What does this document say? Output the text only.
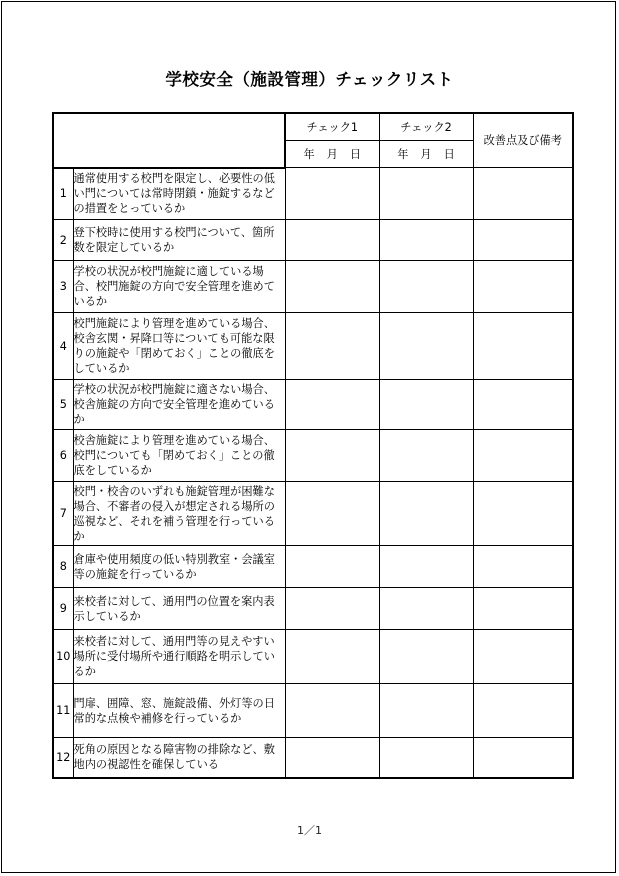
学校安全（施設管理）チェックリスト
		チェック1	チェック2	改善点及び備考
		年 月 日	年 月 日	
1	通常使用する校門を限定し、必要性の低い門については常時閉鎖・施錠するなどの措置をとっているか			

2	登下校時に使用する校門について、箇所数を限定しているか			

3	学校の状況が校門施錠に適している場合、校門施錠の方向で安全管理を進めているか			

4	校門施錠により管理を進めている場合、校舎玄関・昇降口等についても可能な限りの施錠や「閉めておく」ことの徹底をしているか			

5	学校の状況が校門施錠に適さない場合、校舎施錠の方向で安全管理を進めているか			

6	校舎施錠により管理を進めている場合、校門についても「閉めておく」ことの徹底をしているか			

7	校門・校舎のいずれも施錠管理が困難な場合、不審者の侵入が想定される場所の巡視など、それを補う管理を行っているか			

8	倉庫や使用頻度の低い特別教室・会議室等の施錠を行っているか			

9	来校者に対して、通用門の位置を案内表示しているか			

10	来校者に対して、通用門等の見えやすい場所に受付場所や通行順路を明示しているか			

11	門扉、囲障、窓、施錠設備、外灯等の日常的な点検や補修を行っているか			

12	死角の原因となる障害物の排除など、敷地内の視認性を確保している			

1／1
